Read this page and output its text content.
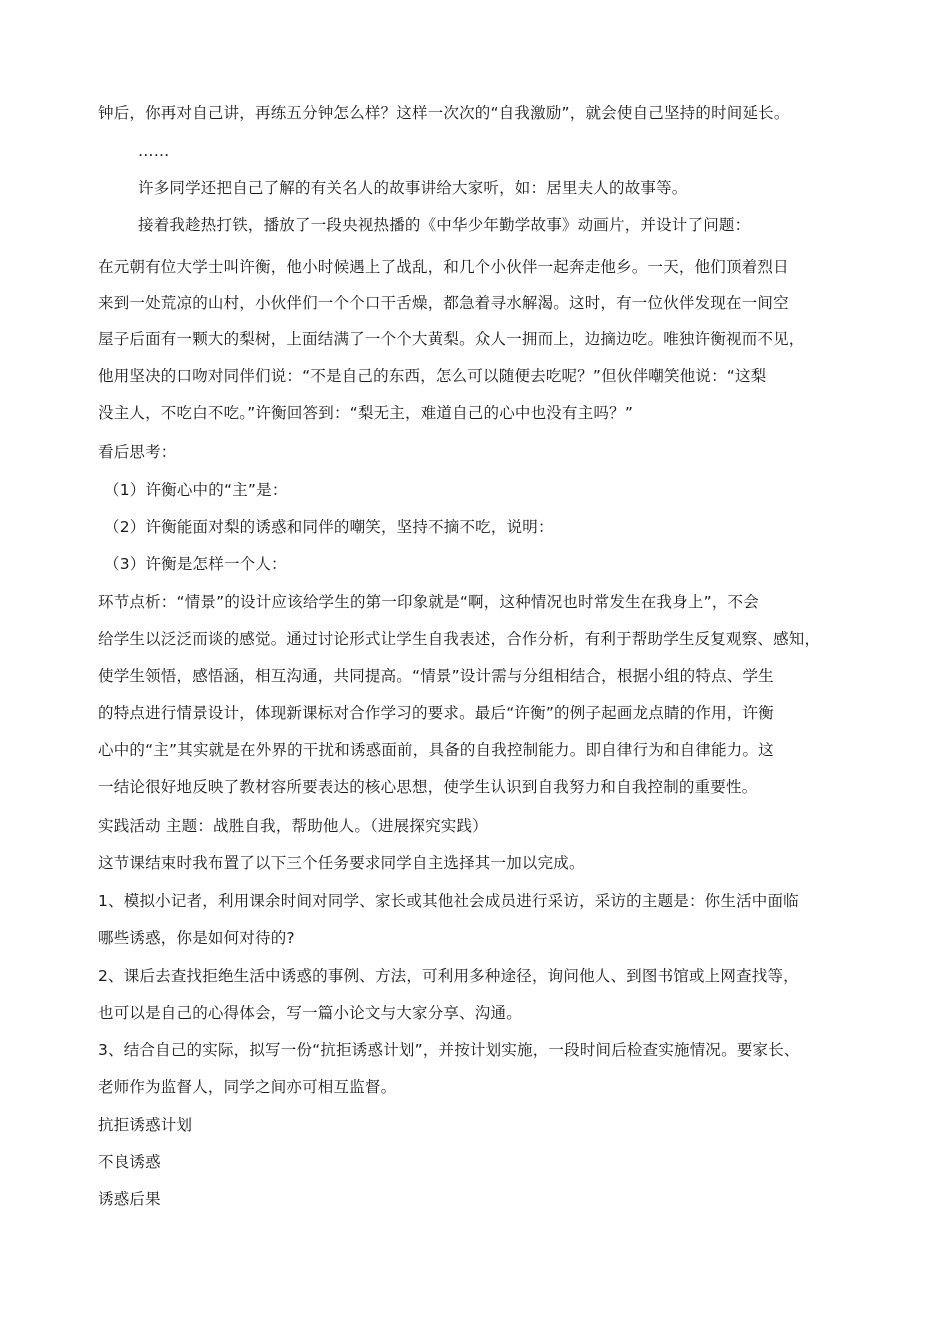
钟后，你再对自己讲，再练五分钟怎么样？这样一次次的“自我激励”，就会使自己坚持的时间延长。
……
许多同学还把自己了解的有关名人的故事讲给大家听，如：居里夫人的故事等。
接着我趁热打铁，播放了一段央视热播的《中华少年勤学故事》动画片，并设计了问题：
在元朝有位大学士叫许衡，他小时候遇上了战乱，和几个小伙伴一起奔走他乡。一天，他们顶着烈日
来到一处荒凉的山村，小伙伴们一个个口干舌燥，都急着寻水解渴。这时，有一位伙伴发现在一间空
屋子后面有一颗大的梨树，上面结满了一个个大黄梨。众人一拥而上，边摘边吃。唯独许衡视而不见，
他用坚决的口吻对同伴们说：“不是自己的东西，怎么可以随便去吃呢？”但伙伴嘲笑他说：“这梨
没主人，不吃白不吃。”许衡回答到：“梨无主，难道自己的心中也没有主吗？”
看后思考：
（1）许衡心中的“主”是：
（2）许衡能面对梨的诱惑和同伴的嘲笑，坚持不摘不吃，说明：
（3）许衡是怎样一个人：
环节点析：“情景”的设计应该给学生的第一印象就是“啊，这种情况也时常发生在我身上”，不会
给学生以泛泛而谈的感觉。通过讨论形式让学生自我表述，合作分析，有利于帮助学生反复观察、感知，
使学生领悟，感悟涵，相互沟通，共同提高。“情景”设计需与分组相结合，根据小组的特点、学生
的特点进行情景设计，体现新课标对合作学习的要求。最后“许衡”的例子起画龙点睛的作用，许衡
心中的“主”其实就是在外界的干扰和诱惑面前，具备的自我控制能力。即自律行为和自律能力。这
一结论很好地反映了教材容所要表达的核心思想，使学生认识到自我努力和自我控制的重要性。
实践活动 主题：战胜自我，帮助他人。（进展探究实践）
这节课结束时我布置了以下三个任务要求同学自主选择其一加以完成。
1、模拟小记者，利用课余时间对同学、家长或其他社会成员进行采访，采访的主题是：你生活中面临
哪些诱惑，你是如何对待的?
2、课后去查找拒绝生活中诱惑的事例、方法，可利用多种途径，询问他人、到图书馆或上网查找等，
也可以是自己的心得体会，写一篇小论文与大家分享、沟通。
3、结合自己的实际，拟写一份“抗拒诱惑计划”，并按计划实施，一段时间后检查实施情况。要家长、
老师作为监督人，同学之间亦可相互监督。
抗拒诱惑计划
不良诱惑
诱惑后果
